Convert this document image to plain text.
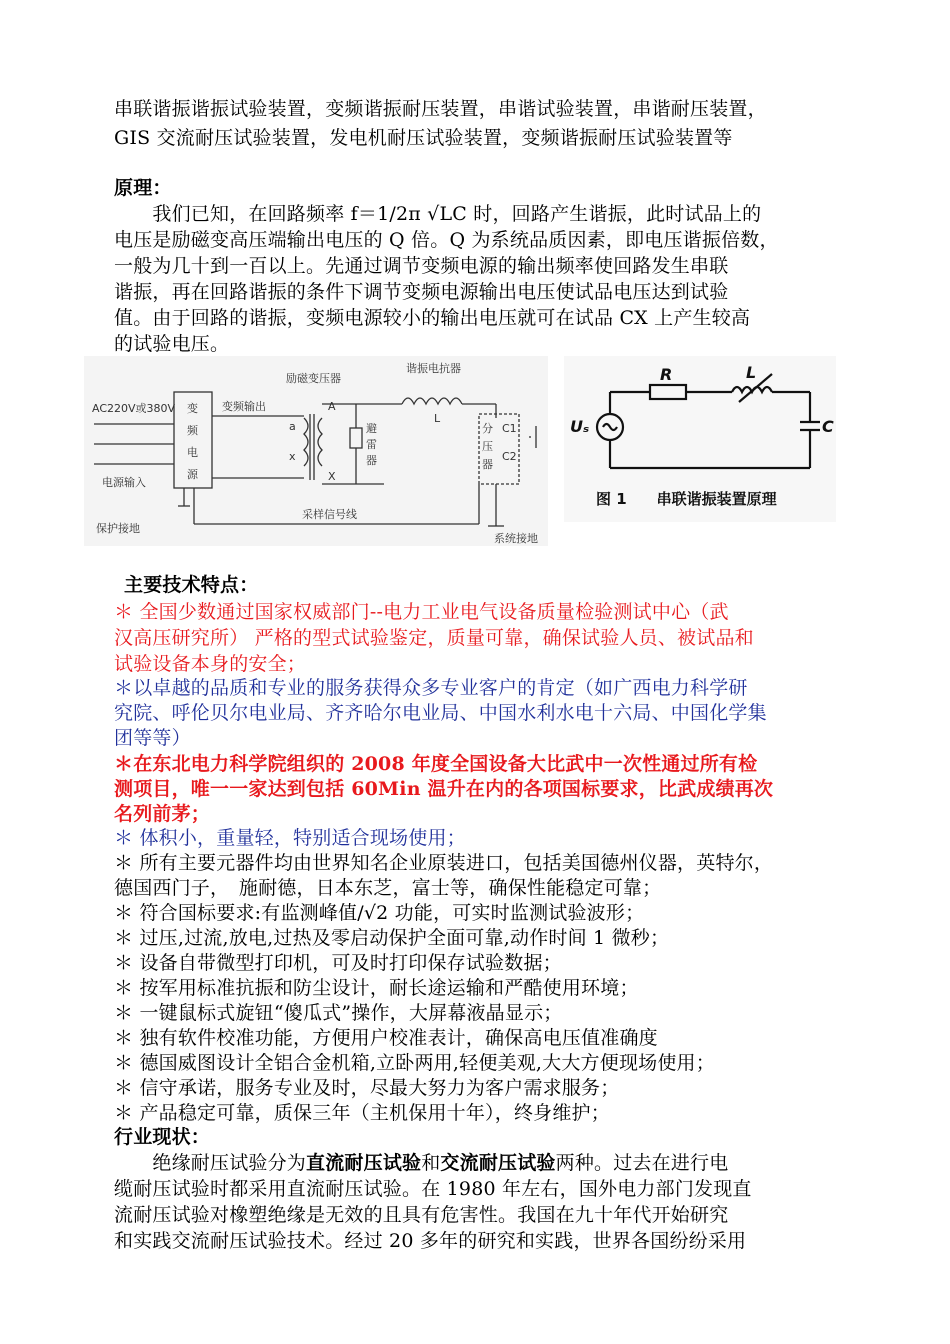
串联谐振谐振试验装置，变频谐振耐压装置，串谐试验装置，串谐耐压装置，
GIS 交流耐压试验装置，发电机耐压试验装置，变频谐振耐压试验装置等
原理：
　　我们已知，在回路频率 f＝1/2π √LC 时，回路产生谐振，此时试品上的
电压是励磁变高压端输出电压的 Q 倍。Q 为系统品质因素，即电压谐振倍数，
一般为几十到一百以上。先通过调节变频电源的输出频率使回路发生串联
谐振，再在回路谐振的条件下调节变频电源输出电压使试品电压达到试验
值。由于回路的谐振，变频电源较小的输出电压就可在试品 CX 上产生较高
的试验电压。
AC220V或380V
电源输入
保护接地
变
频
电
源
变频输出
励磁变压器
谐振电抗器
A
X
a
x
避
雷
器
L
分
压
器
C1
C2
采样信号线
系统接地
R	L
C
Uₛ
图 1　　串联谐振装置原理
主要技术特点：
＊ 全国少数通过国家权威部门--电力工业电气设备质量检验测试中心（武
汉高压研究所） 严格的型式试验鉴定，质量可靠，确保试验人员、被试品和
试验设备本身的安全；
＊以卓越的品质和专业的服务获得众多专业客户的肯定（如广西电力科学研
究院、呼伦贝尔电业局、齐齐哈尔电业局、中国水利水电十六局、中国化学集
团等等）
＊在东北电力科学院组织的 2008 年度全国设备大比武中一次性通过所有检
测项目，唯一一家达到包括 60Min 温升在内的各项国标要求，比武成绩再次
名列前茅；
＊ 体积小，重量轻，特别适合现场使用；
＊ 所有主要元器件均由世界知名企业原装进口，包括美国德州仪器，英特尔，
德国西门子，　施耐德，日本东芝，富士等，确保性能稳定可靠；
＊ 符合国标要求:有监测峰值/√2 功能，可实时监测试验波形；
＊ 过压,过流,放电,过热及零启动保护全面可靠,动作时间 1 微秒；
＊ 设备自带微型打印机，可及时打印保存试验数据；
＊ 按军用标准抗振和防尘设计，耐长途运输和严酷使用环境；
＊ 一键鼠标式旋钮“傻瓜式”操作，大屏幕液晶显示；
＊ 独有软件校准功能，方便用户校准表计，确保高电压值准确度
＊ 德国威图设计全铝合金机箱,立卧两用,轻便美观,大大方便现场使用；
＊ 信守承诺，服务专业及时，尽最大努力为客户需求服务；
＊ 产品稳定可靠，质保三年（主机保用十年），终身维护；
行业现状：
　　绝缘耐压试验分为直流耐压试验和交流耐压试验两种。过去在进行电
缆耐压试验时都采用直流耐压试验。在 1980 年左右，国外电力部门发现直
流耐压试验对橡塑绝缘是无效的且具有危害性。我国在九十年代开始研究
和实践交流耐压试验技术。经过 20 多年的研究和实践，世界各国纷纷采用
